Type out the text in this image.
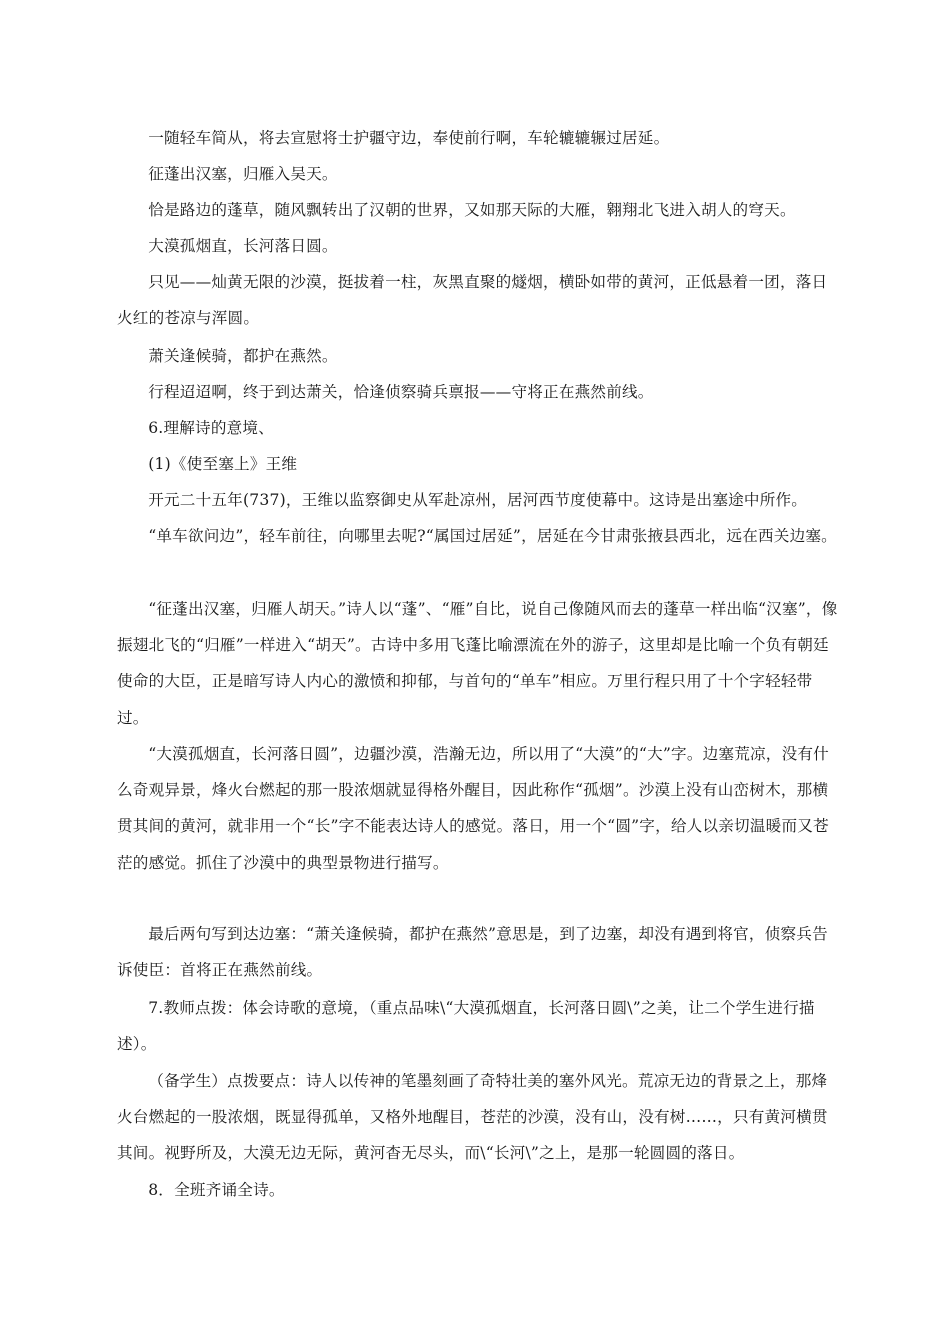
一随轻车简从，将去宣慰将士护疆守边，奉使前行啊，车轮辘辘辗过居延。

征蓬出汉塞，归雁入吴天。

恰是路边的蓬草，随风飘转出了汉朝的世界，又如那天际的大雁，翱翔北飞进入胡人的穹天。

大漠孤烟直，长河落日圆。

只见——灿黄无限的沙漠，挺拔着一柱，灰黑直聚的燧烟，横卧如带的黄河，正低悬着一团，落日火红的苍凉与浑圆。

萧关逢候骑，都护在燕然。

行程迢迢啊，终于到达萧关，恰逢侦察骑兵禀报——守将正在燕然前线。

6.理解诗的意境、

(1)《使至塞上》王维

开元二十五年(737)，王维以监察御史从军赴凉州，居河西节度使幕中。这诗是出塞途中所作。

“单车欲问边”，轻车前往，向哪里去呢?“属国过居延”，居延在今甘肃张掖县西北，远在西关边塞。

“征蓬出汉塞，归雁人胡天。”诗人以“蓬”、“雁”自比，说自己像随风而去的蓬草一样出临“汉塞”，像振翅北飞的“归雁”一样进入“胡天”。古诗中多用飞蓬比喻漂流在外的游子，这里却是比喻一个负有朝廷使命的大臣，正是暗写诗人内心的激愤和抑郁，与首句的“单车”相应。万里行程只用了十个字轻轻带过。

“大漠孤烟直，长河落日圆”，边疆沙漠，浩瀚无边，所以用了“大漠”的“大”字。边塞荒凉，没有什么奇观异景，烽火台燃起的那一股浓烟就显得格外醒目，因此称作“孤烟”。沙漠上没有山峦树木，那横贯其间的黄河，就非用一个“长”字不能表达诗人的感觉。落日，用一个“圆”字，给人以亲切温暖而又苍茫的感觉。抓住了沙漠中的典型景物进行描写。

最后两句写到达边塞：“萧关逢候骑，都护在燕然”意思是，到了边塞，却没有遇到将官，侦察兵告诉使臣：首将正在燕然前线。

7.教师点拨：体会诗歌的意境，（重点品味\“大漠孤烟直，长河落日圆\”之美，让二个学生进行描述）。

（备学生）点拨要点：诗人以传神的笔墨刻画了奇特壮美的塞外风光。荒凉无边的背景之上，那烽火台燃起的一股浓烟，既显得孤单，又格外地醒目，苍茫的沙漠，没有山，没有树……，只有黄河横贯其间。视野所及，大漠无边无际，黄河杳无尽头，而\“长河\”之上，是那一轮圆圆的落日。

8．全班齐诵全诗。
